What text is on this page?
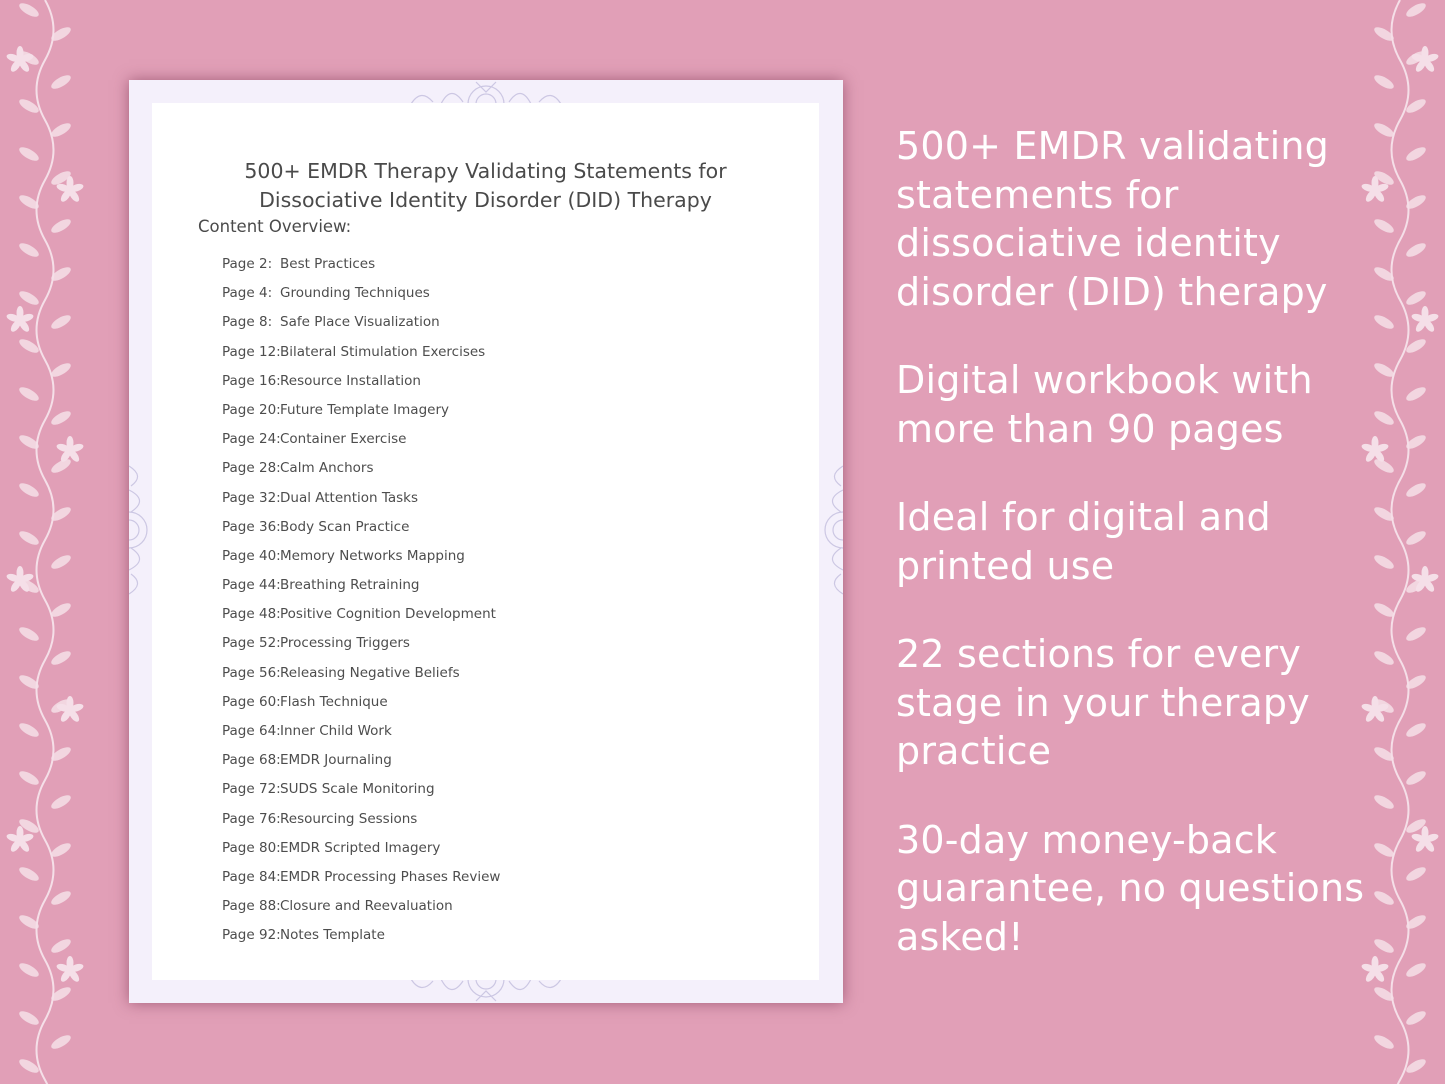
500+ EMDR Therapy Validating Statements for
Dissociative Identity Disorder (DID) Therapy

Content Overview:

Page 2: Best Practices
Page 4: Grounding Techniques
Page 8: Safe Place Visualization
Page 12:Bilateral Stimulation Exercises
Page 16:Resource Installation
Page 20:Future Template Imagery
Page 24:Container Exercise
Page 28:Calm Anchors
Page 32:Dual Attention Tasks
Page 36:Body Scan Practice
Page 40:Memory Networks Mapping
Page 44:Breathing Retraining
Page 48:Positive Cognition Development
Page 52:Processing Triggers
Page 56:Releasing Negative Beliefs
Page 60:Flash Technique
Page 64:Inner Child Work
Page 68:EMDR Journaling
Page 72:SUDS Scale Monitoring
Page 76:Resourcing Sessions
Page 80:EMDR Scripted Imagery
Page 84:EMDR Processing Phases Review
Page 88:Closure and Reevaluation
Page 92:Notes Template

500+ EMDR validating statements for dissociative identity disorder (DID) therapy

Digital workbook with more than 90 pages

Ideal for digital and printed use

22 sections for every stage in your therapy practice

30-day money-back guarantee, no questions asked!
